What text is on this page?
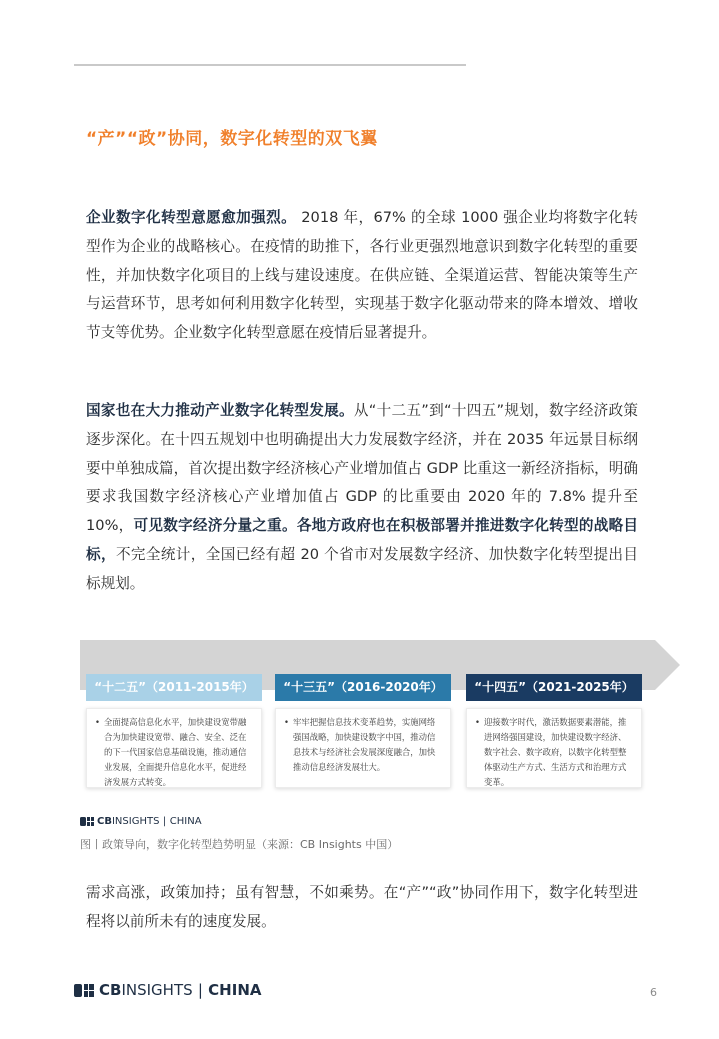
“产”“政”协同，数字化转型的双飞翼
企业数字化转型意愿愈加强烈。 2018 年，67% 的全球 1000 强企业均将数字化转型作为企业的战略核心。在疫情的助推下，各行业更强烈地意识到数字化转型的重要性，并加快数字化项目的上线与建设速度。在供应链、全渠道运营、智能决策等生产与运营环节，思考如何利用数字化转型，实现基于数字化驱动带来的降本增效、增收节支等优势。企业数字化转型意愿在疫情后显著提升。
国家也在大力推动产业数字化转型发展。从“十二五”到“十四五”规划，数字经济政策逐步深化。在十四五规划中也明确提出大力发展数字经济，并在 2035 年远景目标纲要中单独成篇，首次提出数字经济核心产业增加值占 GDP 比重这一新经济指标，明确要求我国数字经济核心产业增加值占 GDP 的比重要由 2020 年的 7.8% 提升至 10%，可见数字经济分量之重。各地方政府也在积极部署并推进数字化转型的战略目标，不完全统计，全国已经有超 20 个省市对发展数字经济、加快数字化转型提出目标规划。
“十二五”（2011-2015年）
• 全面提高信息化水平，加快建设宽带融合为加快建设宽带、融合、安全、泛在的下一代国家信息基础设施，推动通信业发展，全面提升信息化水平，促进经济发展方式转变。
“十三五”（2016-2020年）
• 牢牢把握信息技术变革趋势，实施网络强国战略，加快建设数字中国，推动信息技术与经济社会发展深度融合，加快推动信息经济发展壮大。
“十四五”（2021-2025年）
• 迎接数字时代，激活数据要素潜能，推进网络强国建设，加快建设数字经济、数字社会、数字政府，以数字化转型整体驱动生产方式、生活方式和治理方式变革。
CBINSIGHTS | CHINA
图丨政策导向，数字化转型趋势明显（来源：CB Insights 中国）
需求高涨，政策加持；虽有智慧，不如乘势。在“产”“政”协同作用下，数字化转型进程将以前所未有的速度发展。
CBINSIGHTS | CHINA	6
